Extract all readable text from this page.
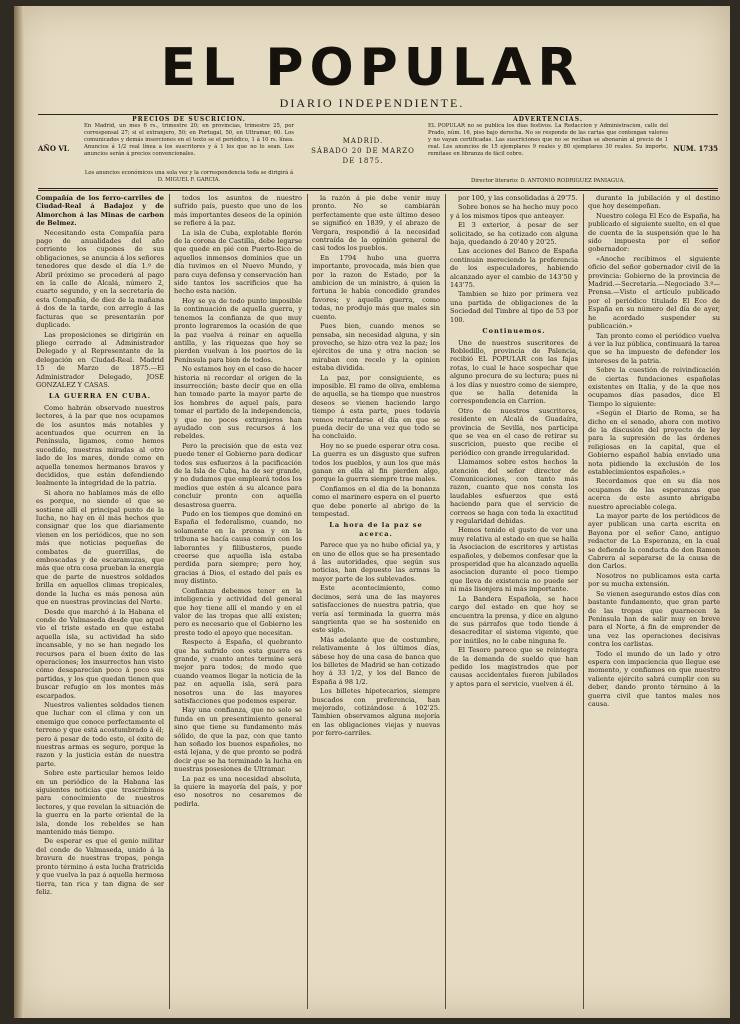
EL POPULAR
DIARIO INDEPENDIENTE.
AÑO VI.
PRECIOS DE SUSCRICION.
En Madrid, un mes 6 rs., trimestre 20; en provincias, trimestre 25, por corresponsal 27; si el extranjero, 50; en Portugal, 50, en Ultramar, 60. Los comunicados y demás inserciones en el texto se el periódico, 1 á 10 rs. línea. Anuncios á 1/2 real línea a los suscritores y á 1 los que no lo sean. Los anuncios serán á precios convencionales.
MADRID.
SÁBADO 20 DE MARZO DE 1875.
ADVERTENCIAS.
EL POPULAR no se publica los días festivos. La Redaccion y Administracion, calle del Prado, núm. 16, piso bajo derecha. No se responde de las cartas que contengan valores y no vayan certificadas. Las suscriciones que no se reciban se abonarán al precio de 1 real. Los anuncios de 15 ejemplares 9 reales y 80 ejemplares 30 reales. Su importe, remítase en libranza de fácil cobro.
NUM. 1735
Los anuncios económicos una sola vez y la correspondencia toda se dirigirá á D. MIGUEL F. GARCIA.	Director literario: D. ANTONIO RODRIGUEZ PANIAGUA.

Compañía de los ferro-carriles de Ciudad-Real á Badajoz y de Almorchon á las Minas de carbon de Belmez.

Necesitando esta Compañía para pago de anualidades del año corriente los cupones de sus obligaciones, se anuncia á los señores tenedores que desde el día 1.º de Abril próximo se procederá al pago en la calle de Alcalá, número 2, cuarto segundo, y en la secretaría de esta Compañía, de diez de la mañana á dos de la tarde, con arreglo á las facturas que se presentarán por duplicado.

Las proposiciones se dirigirán en pliego cerrado al Administrador Delegado y al Representante de la delegación en Ciudad-Real. Madrid 15 de Marzo de 1875.—El Administrador Delegado, JOSÉ GONZALEZ Y CASAS.

LA GUERRA EN CUBA.

Como habrán observado nuestros lectores, á la par que nos ocupamos de los asuntos más notables y acentuados que ocurren en la Península, ligamos, como hemos sucedido, nuestras miradas al otro lado de los mares, donde como en aquella tenemos hermanos bravos y decididos, que están defendiendo lealmente la integridad de la patria.

Si ahora no hablamos más de ello es porque, no siendo el que se sostiene allí el principal punto de la lucha, no hay en él más hechos que consignar que los que diariamente vienen en los periódicos, que no son más que noticias pequeñas de combates de guerrillas, de emboscadas y de escaramuzas, que más que otra cosa prueban la energía que de parte de nuestros soldados brilla en aquellos climas tropicales, donde la lucha es más penosa aún que en nuestras provincias del Norte.

Desde que marchó á la Habana el conde de Valmaseda desde que aquel vio el triste estado en que estaba aquella isla, su actividad ha sido incansable, y no se han negado los recursos para el buen éxito de las operaciones; los insurrectos han visto cómo desaparecían poco á poco sus partidas, y los que quedan tienen que buscar refugio en los montes más escarpados.

Nuestros valientes soldados tienen que luchar con el clima y con un enemigo que conoce perfectamente el terreno y que está acostumbrado á él; pero á pesar de todo esto, el éxito de nuestras armas es seguro, porque la razon y la justicia están de nuestra parte.

Sobre este particular hemos leido en un periódico de la Habana las siguientes noticias que trascribimos para conocimiento de nuestros lectores, y que revelan la situación de la guerra en la parte oriental de la isla, donde los rebeldes se han mantenido más tiempo.

De esperar es que el genio militar del conde de Valmaseda, unido á la bravura de nuestras tropas, ponga pronto término á esta lucha fratricida y que vuelva la paz á aquella hermosa tierra, tan rica y tan digna de ser feliz.

todos los asuntos de nuestro sufrido país, puesto que uno de los más importantes deseos de la opinión se refiere á la paz.

La isla de Cuba, explotable florón de la corona de Castilla, debe legarse que quede en pié con Puerto-Rico de aquellos inmensos dominios que un día tuvimos en el Nuevo Mundo, y para cuya defensa y conservación han sido tantos los sacrificios que ha hecho esta nación.

Hoy se ya de todo punto imposible la continuación de aquella guerra, y tenemos la confianza de que muy pronto lograremos la ocasión de que la paz vuelva á reinar en aquella antilla, y las riquezas que hoy se pierden vuelvan á los puertos de la Península para bien de todos.

No estamos hoy en el caso de hacer historia ni recordar el origen de la insurrección; baste decir que en ella han tomado parte la mayor parte de los hombres de aquel país, para tomar el partido de la independencia, y que no pocos extranjeros han ayudado con sus recursos á los rebeldes.

Pero la precisión que de esta vez puede tener el Gobierno para dedicar todos sus esfuerzos á la pacificación de la Isla de Cuba, ha de ser grande, y no dudamos que empleará todos los medios que estén á su alcance para concluir pronto con aquella desastrosa guerra.

Pudo en los tiempos que dominó en España el federalismo, cuando, no solamente en la prensa y en la tribuna se hacía causa común con los laborantes y filibusteros, puede creerse que aquella isla estaba perdida para siempre; pero hoy, gracias á Dios, el estado del país es muy distinto.

Confianza debemos tener en la inteligencia y actividad del general que hoy tiene allí el mando y en el valor de las tropas que allí existen; pero es necesario que el Gobierno les preste todo el apoyo que necesitan.

Respecto á España, el quebranto que ha sufrido con esta guerra es grande, y cuanto antes termine será mejor para todos; de modo que cuando veamos llegar la noticia de la paz en aquella isla, será para nosotros una de las mayores satisfacciones que podemos esperar.

Hay una confianza, que no solo se funda en un presentimiento general sino que tiene su fundamento más sólido, de que la paz, con que tanto han soñado los buenos españoles, no está lejana, y de que pronto se podrá decir que se ha terminado la lucha en nuestras posesiones de Ultramar.

La paz es una necesidad absoluta, la quiere la mayoría del país, y por eso nosotros no cesaremos de pedirla.

la razón á pie debe venir muy pronto. No se cambiarán perfectamente que este último deseo se significó en 1839, y el abrazo de Vergara, respondió á la necesidad contraída de la opinión general de casi todos los pueblos.

En 1794 hubo una guerra importante, provocada, más bien que por la razon de Estado, por la ambicion de un ministro, á quien la fortuna le había concedido grandes favores; y aquella guerra, como todas, no produjo más que males sin cuento.

Pues bien, cuando menos se pensaba, sin necesidad alguna, y sin provecho, se hizo otra vez la paz; los ejércitos de una y otra nacion se miraban con recelo y la opinion estaba dividida.

La paz, por consiguiente, es imposible. El ramo de oliva, emblema de aquella, se ha tiempo que nuestros deseos se vienen haciendo largo tiempo á esta parte, pues todavía vemos retardarse el día en que se pueda decir de una vez que todo se ha concluido.

Hoy no se puede esperar otra cosa. La guerra es un disgusto que sufren todos los pueblos, y aun los que más ganan en ella al fin pierden algo, porque la guerra siempre trae males.

Confiamos en el dia de la bonanza como el marinero espera en el puerto que debe ponerle al abrigo de la tempestad.

La hora de la paz se acerca.

Parece que ya no hubo oficial ya, y en uno de ellos que se ha presentado á las autoridades, que según sus noticias, han depuesto las armas la mayor parte de los sublevados.

Este acontecimiento, como decimos, será una de las mayores satisfacciones de nuestra patria, que vería así terminada la guerra más sangrienta que se ha sostenido en este siglo.

Más adelante que de costumbre, relativamente á los últimos días, sábese hoy de una casa de banca que los billetes de Madrid se han cotizado hoy á 33 1/2, y los del Banco de España á 98 1/2.

Los billetes hipotecarios, siempre buscados con preferencia, han mejorado, cotizándose á 102'25. Tambien observamos alguna mejoría en las obligaciones viejas y nuevas por ferro-carriles.

por 100, y las consolidadas á 29'75.

Sobre bonos se ha hecho muy poco y á los mismos tipos que anteayer.

El 3 exterior, á pesar de ser solicitado, se ha cotizado con alguna baja, quedando á 20'40 y 20'25.

Las acciones del Banco de España continuán mereciendo la preferencia de los especuladores, habiendo alcanzado ayer el cambio de 143'50 y 143'75.

Tambien se hizo por primera vez una partida de obligaciones de la Sociedad del Timbre al tipo de 53 por 100.

Continuemos.

Uno de nuestros suscritores de Robledillo, provincia de Palencia, recibió EL POPULAR con las fajas rotas, lo cual le hace sospechar que alguno procura de su lectura; pues ni á los días y nuestro como de siempre, que se halla detenida la correspondencia en Carrion.

Otro de nuestros suscritores, residente en Alcalá de Guadaíra, provincia de Sevilla, nos participa que se vea en el caso de retirar su suscricion, puesto que recibe el periódico con grande irregularidad.

Llamamos sobre estos hechos la atención del señor director de Comunicaciones, con tanto más razon, cuanto que nos consta los laudables esfuerzos que está haciendo para que el servicio de correos se haga con toda la exactitud y regularidad debidas.

Hemos tenido el gusto de ver una muy relativa al estado en que se halla la Asociacion de escritores y artistas españoles, y debemos confesar que la prosperidad que ha alcanzado aquella asociacion durante el poco tiempo que lleva de existencia no puede ser ni más lisonjera ni más importante.

La Bandera Española, se hace cargo del estado en que hoy se encuentra la prensa, y dice en alguno de sus párrafos que todo tiende á desacreditar el sistema vigente, que por inútiles, no le cabe ninguna fe.

El Tesoro parece que se reintegra de la demanda de sueldo que han pedido los magistrados que por causas accidentales fueron jubilados y aptos para el servicio, vuelven á él.

durante la jubilación y el destino que hoy desempeñan.

Nuestro colega El Eco de España, ha publicado el siguiente suelto, en el que de cuenta de la suspensión que le ha sido impuesta por el señor gobernador:

«Anoche recibimos el siguiente oficio del señor gobernador civil de la provincia: Gobierno de la provincia de Madrid.—Secretaría.—Negociado 3.º—Prensa.—Visto el artículo publicado por el periódico titulado El Eco de España en su número del día de ayer, he acordado suspender su publicación.»

Tan pronto como el periódico vuelva á ver la luz pública, continuará la tarea que se ha impuesto de defender los intereses de la patria.

Sobre la cuestión de reivindicación de ciertas fundaciones españolas existentes en Italia, y de la que nos ocupamos días pasados, dice El Tiempo lo siguiente:

«Según el Diario de Roma, se ha dicho en el senado, ahora con motivo de la discusión del proyecto de ley para la supresión de las órdenes religiosas en la capital, que el Gobierno español habia enviado una nota pidiendo la exclusión de los establecimientos españoles.»

Recordamos que en su día nos ocupamos de las esperanzas que acerca de este asunto abrigaba nuestro apreciable colega.

La mayor parte de los periódicos de ayer publican una carta escrita en Bayona por el señor Cano, antiguo redactor de La Esperanza, en la cual se defiende la conducta de don Ramon Cabrera al separarse de la causa de don Carlos.

Nosotros no publicamos esta carta por su mucha extensión.

Se vienen asegurando estos días con bastante fundamento, que gran parte de las tropas que guarnecen la Península han de salir muy en breve para el Norte, á fin de emprender de una vez las operaciones decisivas contra los carlistas.

Todo el mundo de un lado y otro espera con impaciencia que llegue ese momento, y confiamos en que nuestro valiente ejército sabrá cumplir con su deber, dando pronto término á la guerra civil que tantos males nos causa.
